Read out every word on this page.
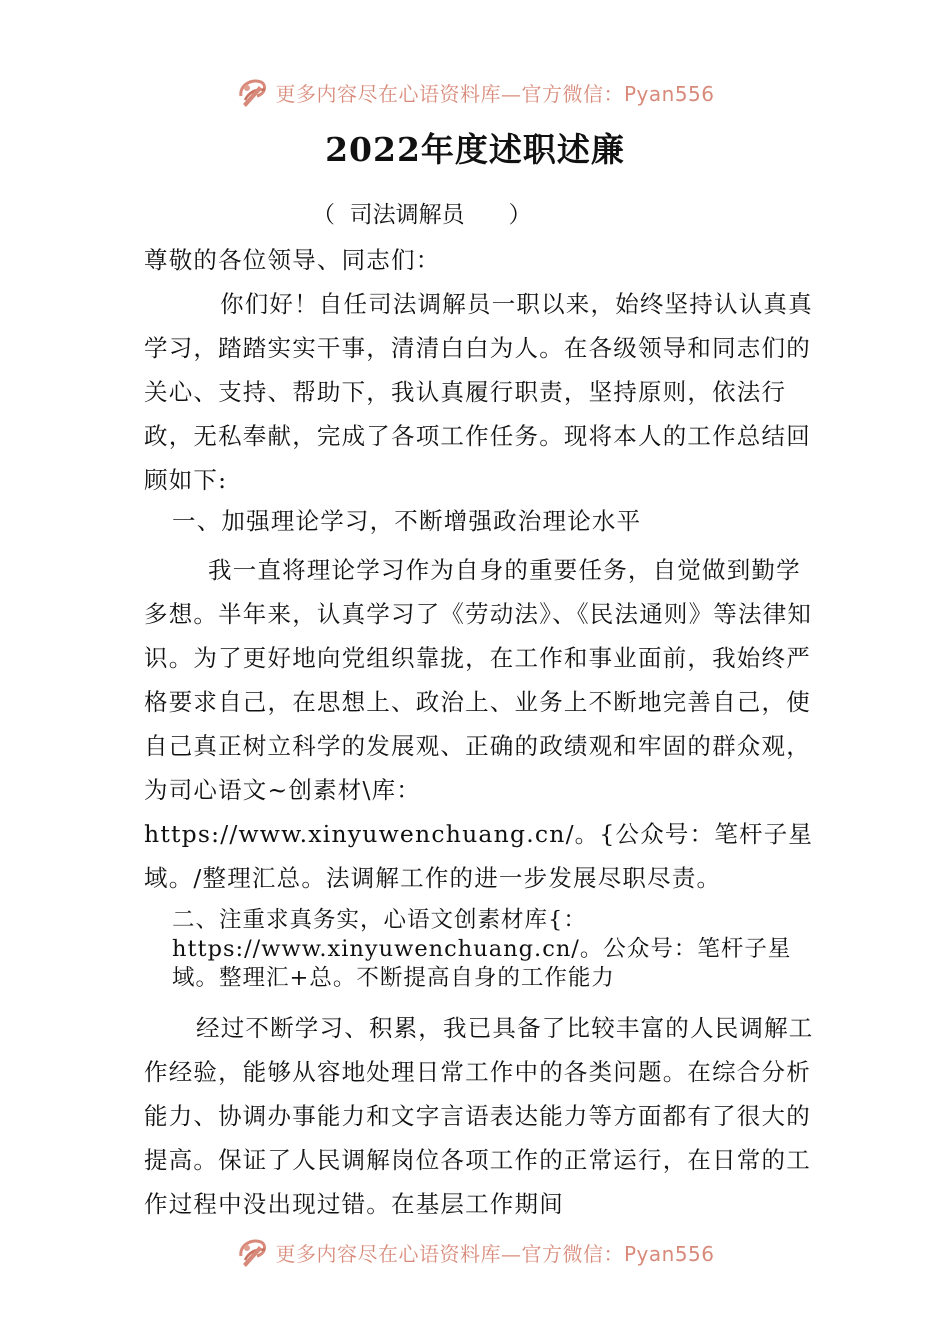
更多内容尽在心语资料库—官方微信：Pyan556
2022年度述职述廉
（  司法调解员      ）
尊敬的各位领导、同志们：
你们好！自任司法调解员一职以来，始终坚持认认真真学习，踏踏实实干事，清清白白为人。在各级领导和同志们的关心、支持、帮助下，我认真履行职责，坚持原则，依法行政，无私奉献，完成了各项工作任务。现将本人的工作总结回顾如下:
一、加强理论学习，不断增强政治理论水平
我一直将理论学习作为自身的重要任务，自觉做到勤学多想。半年来，认真学习了《劳动法》、《民法通则》等法律知识。为了更好地向党组织靠拢，在工作和事业面前，我始终严格要求自己，在思想上、政治上、业务上不断地完善自己，使自己真正树立科学的发展观、正确的政绩观和牢固的群众观，为司心语文~创素材\库：https://www.xinyuwenchuang.cn/。{公众号：笔杆子星域。/整理汇总。法调解工作的进一步发展尽职尽责。
二、注重求真务实，心语文创素材库{：https://www.xinyuwenchuang.cn/。公众号：笔杆子星域。整理汇+总。不断提高自身的工作能力
经过不断学习、积累，我已具备了比较丰富的人民调解工作经验，能够从容地处理日常工作中的各类问题。在综合分析能力、协调办事能力和文字言语表达能力等方面都有了很大的提高。保证了人民调解岗位各项工作的正常运行，在日常的工作过程中没出现过错。在基层工作期间
更多内容尽在心语资料库—官方微信：Pyan556
